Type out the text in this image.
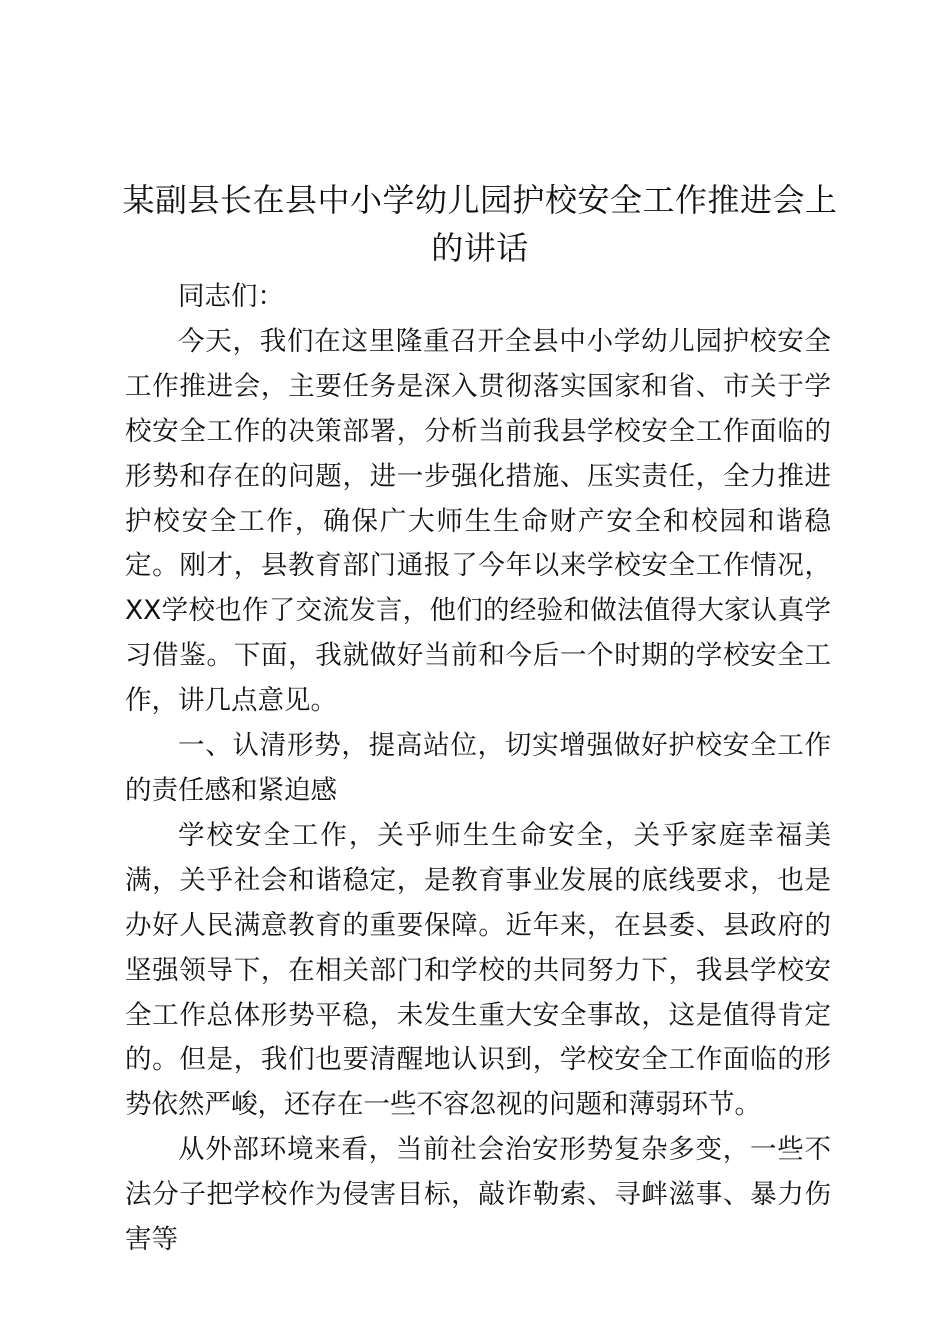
某副县长在县中小学幼儿园护校安全工作推进会上的讲话

同志们：

今天，我们在这里隆重召开全县中小学幼儿园护校安全工作推进会，主要任务是深入贯彻落实国家和省、市关于学校安全工作的决策部署，分析当前我县学校安全工作面临的形势和存在的问题，进一步强化措施、压实责任，全力推进护校安全工作，确保广大师生生命财产安全和校园和谐稳定。刚才，县教育部门通报了今年以来学校安全工作情况，XX学校也作了交流发言，他们的经验和做法值得大家认真学习借鉴。下面，我就做好当前和今后一个时期的学校安全工作，讲几点意见。

一、认清形势，提高站位，切实增强做好护校安全工作的责任感和紧迫感

学校安全工作，关乎师生生命安全，关乎家庭幸福美满，关乎社会和谐稳定，是教育事业发展的底线要求，也是办好人民满意教育的重要保障。近年来，在县委、县政府的坚强领导下，在相关部门和学校的共同努力下，我县学校安全工作总体形势平稳，未发生重大安全事故，这是值得肯定的。但是，我们也要清醒地认识到，学校安全工作面临的形势依然严峻，还存在一些不容忽视的问题和薄弱环节。

从外部环境来看，当前社会治安形势复杂多变，一些不法分子把学校作为侵害目标，敲诈勒索、寻衅滋事、暴力伤害等
